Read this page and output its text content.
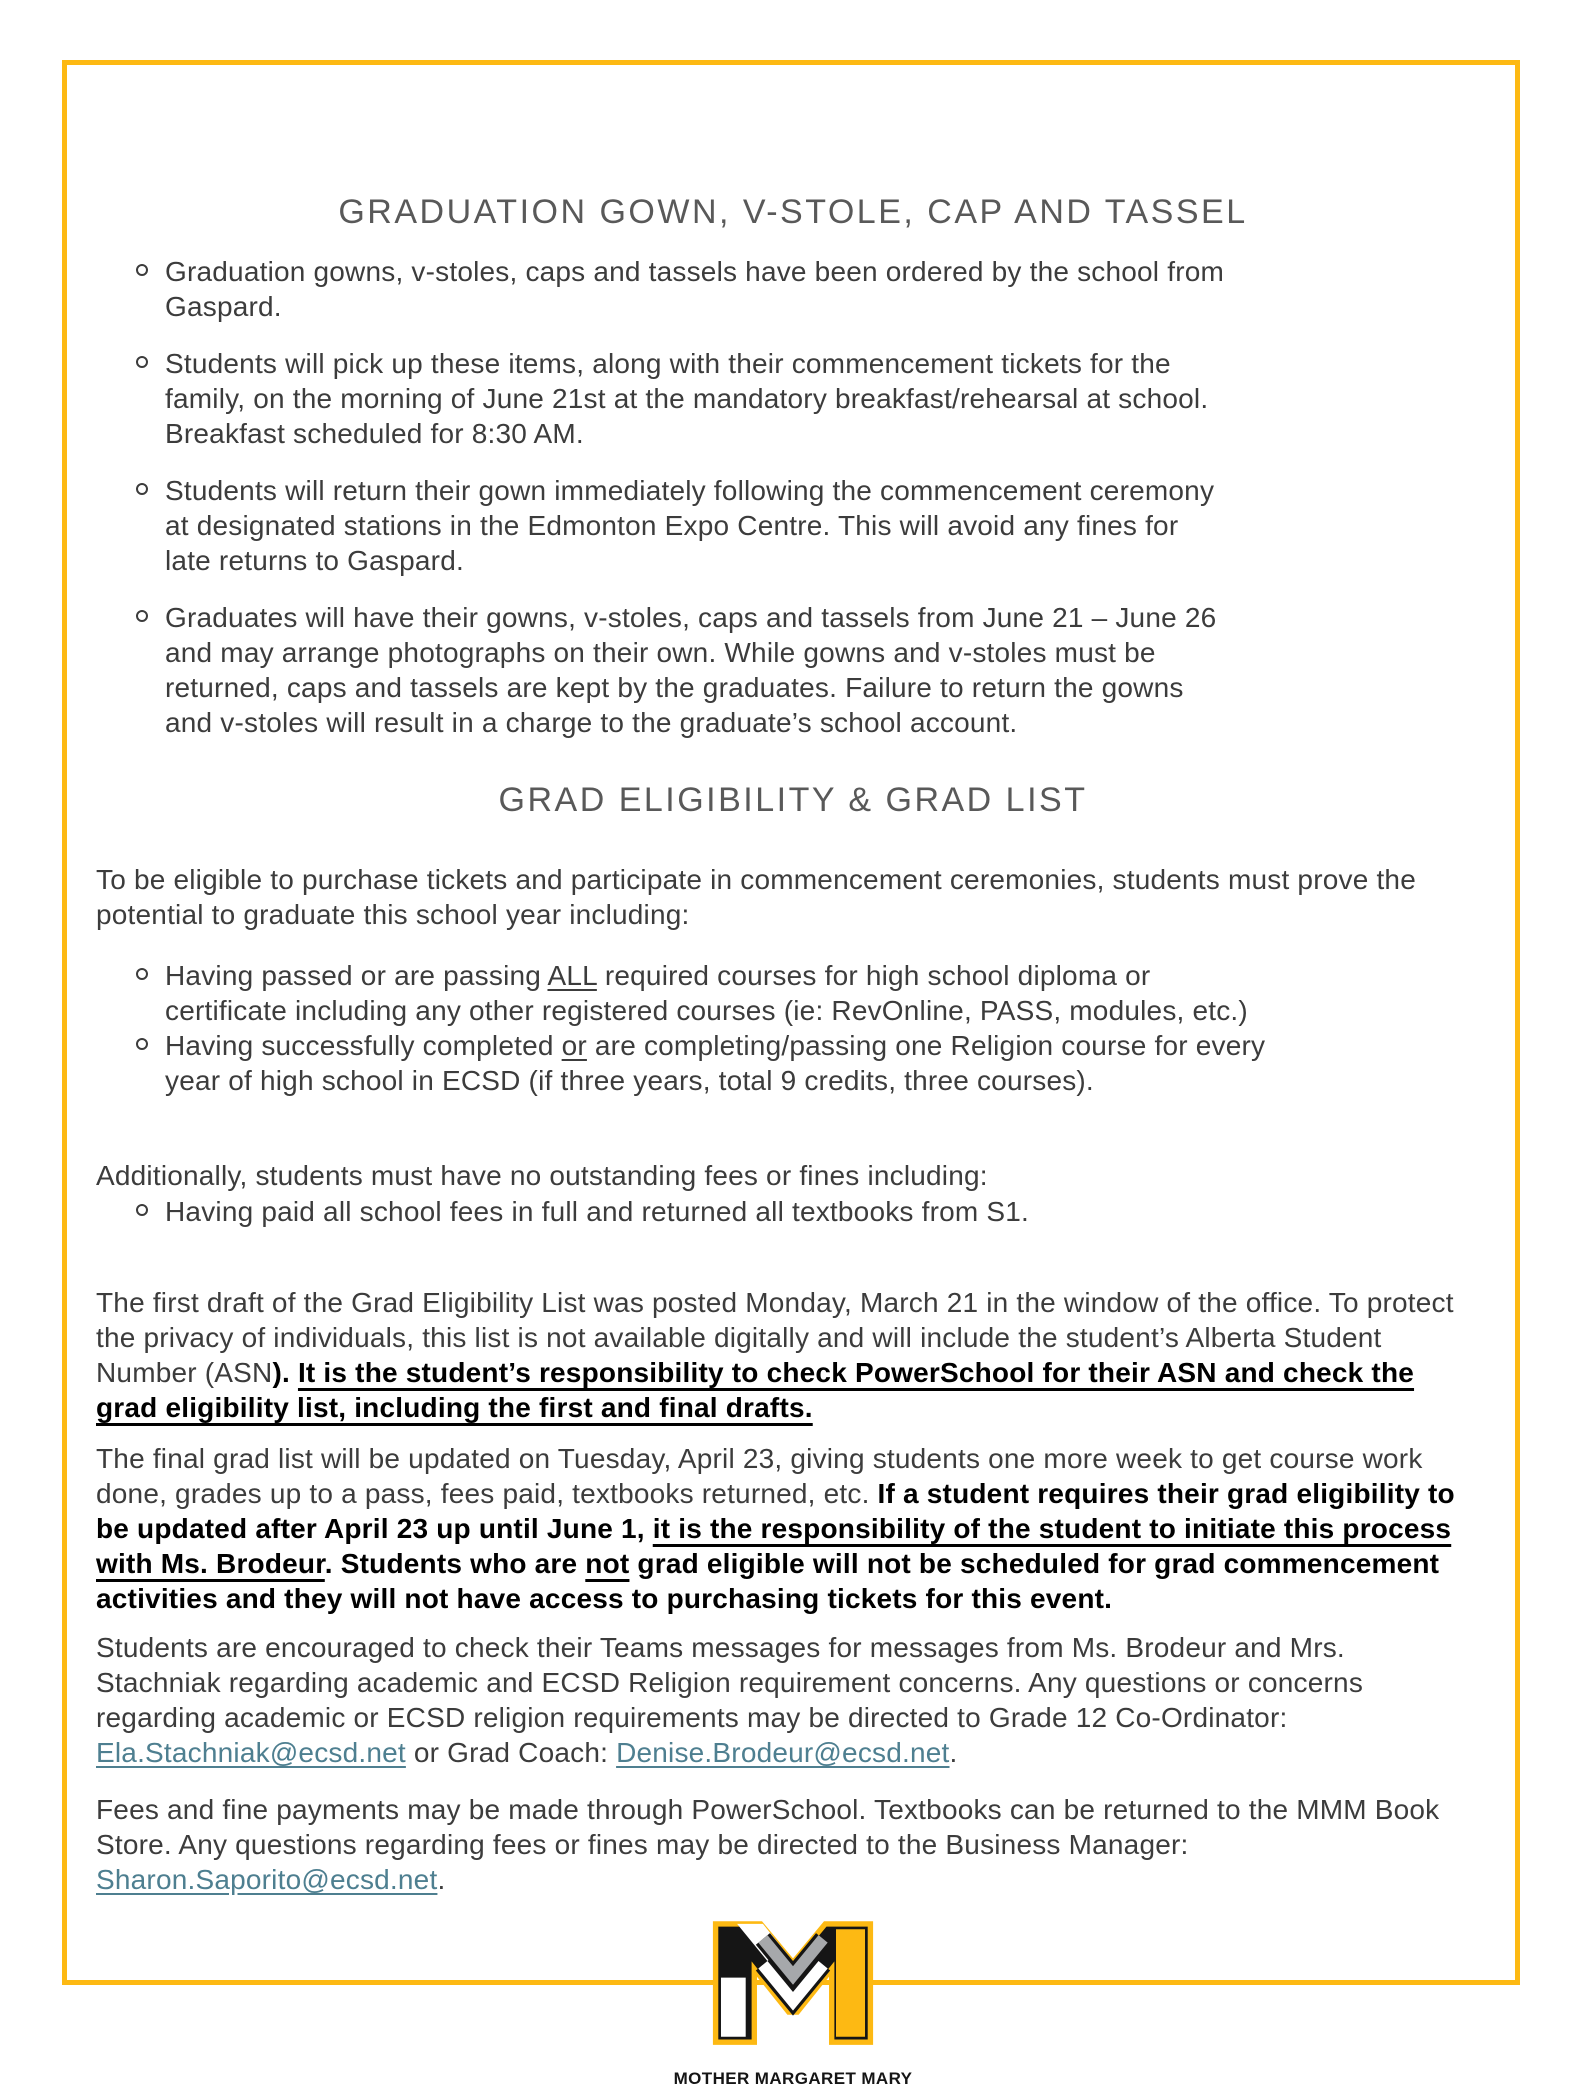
GRADUATION GOWN, V-STOLE, CAP AND TASSEL
Graduation gowns, v-stoles, caps and tassels have been ordered by the school from Gaspard.
Students will pick up these items, along with their commencement tickets for the family, on the morning of June 21st at the mandatory breakfast/rehearsal at school. Breakfast scheduled for 8:30 AM.
Students will return their gown immediately following the commencement ceremony at designated stations in the Edmonton Expo Centre. This will avoid any fines for late returns to Gaspard.
Graduates will have their gowns, v-stoles, caps and tassels from June 21 – June 26 and may arrange photographs on their own. While gowns and v-stoles must be returned, caps and tassels are kept by the graduates. Failure to return the gowns and v-stoles will result in a charge to the graduate’s school account.
GRAD ELIGIBILITY & GRAD LIST

To be eligible to purchase tickets and participate in commencement ceremonies, students must prove the potential to graduate this school year including:

Having passed or are passing ALL required courses for high school diploma or certificate including any other registered courses (ie: RevOnline, PASS, modules, etc.)
Having successfully completed or are completing/passing one Religion course for every year of high school in ECSD (if three years, total 9 credits, three courses).

Additionally, students must have no outstanding fees or fines including:

Having paid all school fees in full and returned all textbooks from S1.

The first draft of the Grad Eligibility List was posted Monday, March 21 in the window of the office. To protect the privacy of individuals, this list is not available digitally and will include the student’s Alberta Student Number (ASN). It is the student’s responsibility to check PowerSchool for their ASN and check the grad eligibility list, including the first and final drafts.

The final grad list will be updated on Tuesday, April 23, giving students one more week to get course work done, grades up to a pass, fees paid, textbooks returned, etc. If a student requires their grad eligibility to be updated after April 23 up until June 1, it is the responsibility of the student to initiate this process with Ms. Brodeur. Students who are not grad eligible will not be scheduled for grad commencement activities and they will not have access to purchasing tickets for this event.

Students are encouraged to check their Teams messages for messages from Ms. Brodeur and Mrs. Stachniak regarding academic and ECSD Religion requirement concerns. Any questions or concerns regarding academic or ECSD religion requirements may be directed to Grade 12 Co-Ordinator: Ela.Stachniak@ecsd.net or Grad Coach: Denise.Brodeur@ecsd.net.

Fees and fine payments may be made through PowerSchool. Textbooks can be returned to the MMM Book Store. Any questions regarding fees or fines may be directed to the Business Manager: Sharon.Saporito@ecsd.net.

MOTHER MARGARET MARY
